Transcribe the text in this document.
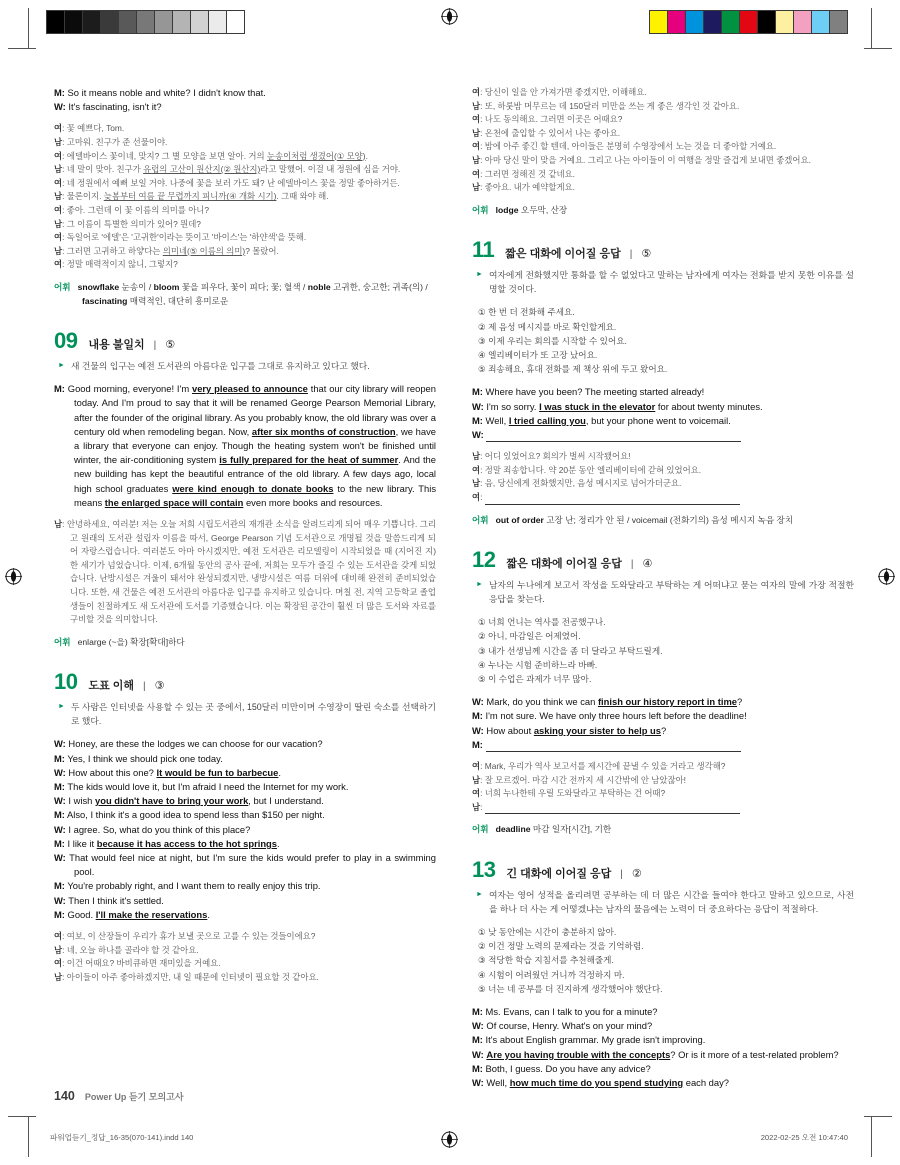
M: So it means noble and white? I didn't know that.
W: It's fascinating, isn't it?
여: 꽃 예쁘다, Tom.
남: 고마워. 친구가 준 선물이야.
여: 에델바이스 꽃이네, 맞지? 그 별 모양을 보면 알아. 거의 눈송이처럼 생겼어(① 모양).
남: 네 말이 맞아. 친구가 유럽의 고산이 원산지(② 원산지)라고 말했어. 이걸 내 정원에 심을 거야.
여: 네 정원에서 예뻐 보일 거야. 나중에 꽃을 보러 가도 돼? 난 에델바이스 꽃을 정말 좋아하거든.
남: 물론이지. 늦봄부터 여름 끝 무렵까지 피니까(④ 개화 시기). 그때 와야 해.
여: 좋아. 그런데 이 꽃 이름의 의미를 아니?
남: 그 이름이 특별한 의미가 있어? 뭔데?
여: 독일어로 '에델'은 '고귀한'이라는 뜻이고 '바이스'는 '하얀색'을 뜻해.
남: 그러면 고귀하고 하얗다는 의미네(⑤ 이름의 의미)? 몰랐어.
여: 정말 매력적이지 않니, 그렇지?
어휘 snowflake 눈송이 / bloom 꽃을 피우다, 꽃이 피다; 꽃; 혈색 / noble 고귀한, 숭고한; 귀족(의) / fascinating 매력적인, 대단히 흥미로운
09 내용 불일치 | ⑤
► 새 건물의 입구는 예전 도서관의 아름다운 입구를 그대로 유지하고 있다고 했다.
M: Good morning, everyone! I'm very pleased to announce that our city library will reopen today. And I'm proud to say that it will be renamed George Pearson Memorial Library, after the founder of the original library. As you probably know, the old library was over a century old when remodeling began. Now, after six months of construction, we have a library that everyone can enjoy. Though the heating system won't be finished until winter, the air-conditioning system is fully prepared for the heat of summer. And the new building has kept the beautiful entrance of the old library. A few days ago, local high school graduates were kind enough to donate books to the new library. This means the enlarged space will contain even more books and resources.
남: 안녕하세요, 여러분! 저는 오늘 저희 시립도서관의 재개관 소식을 알려드리게 되어 매우 기쁩니다. 그리고 원래의 도서관 설립자 이름을 따서, George Pearson 기념 도서관으로 개명될 것을 말씀드리게 되어 자랑스럽습니다. 여러분도 아마 아시겠지만, 예전 도서관은 리모델링이 시작되었을 때 (지어진 지) 한 세기가 넘었습니다. 이제, 6개월 동안의 공사 끝에, 저희는 모두가 즐길 수 있는 도서관을 갖게 되었습니다. 난방시설은 겨울이 돼서야 완성되겠지만, 냉방시설은 여름 더위에 대비해 완전히 준비되었습니다. 또한, 새 건물은 예전 도서관의 아름다운 입구를 유지하고 있습니다. 며칠 전, 지역 고등학교 졸업생들이 친절하게도 새 도서관에 도서를 기증했습니다. 이는 확장된 공간이 훨씬 더 많은 도서와 자료를 구비할 것을 의미합니다.
어휘 enlarge (~을) 확장[확대]하다
10 도표 이해 | ③
► 두 사람은 인터넷을 사용할 수 있는 곳 중에서, 150달러 미만이며 수영장이 딸린 숙소를 선택하기로 했다.
W: Honey, are these the lodges we can choose for our vacation?
M: Yes, I think we should pick one today.
W: How about this one? It would be fun to barbecue.
M: The kids would love it, but I'm afraid I need the Internet for my work.
W: I wish you didn't have to bring your work, but I understand.
M: Also, I think it's a good idea to spend less than $150 per night.
W: I agree. So, what do you think of this place?
M: I like it because it has access to the hot springs.
W: That would feel nice at night, but I'm sure the kids would prefer to play in a swimming pool.
M: You're probably right, and I want them to really enjoy this trip.
W: Then I think it's settled.
M: Good. I'll make the reservations.
여: 여보, 이 산장들이 우리가 휴가 보낼 곳으로 고를 수 있는 것들이에요?
남: 네, 오늘 하나를 골라야 할 것 같아요.
여: 이건 어때요? 바비큐하면 재미있을 거예요.
남: 아이들이 아주 좋아하겠지만, 내 일 때문에 인터넷이 필요할 것 같아요.
여: 당신이 일을 안 가져가면 좋겠지만, 이해해요.
남: 또, 하룻밤 머무르는 데 150달러 미만을 쓰는 게 좋은 생각인 것 같아요.
여: 나도 동의해요. 그러면 이곳은 어때요?
남: 온천에 출입할 수 있어서 나는 좋아요.
여: 밤에 아주 좋긴 할 텐데, 아이들은 분명히 수영장에서 노는 것을 더 좋아할 거예요.
남: 아마 당신 말이 맞을 거예요. 그리고 나는 아이들이 이 여행을 정말 즐겁게 보내면 좋겠어요.
여: 그러면 정해진 것 같네요.
남: 좋아요. 내가 예약할게요.
어휘 lodge 오두막, 산장
11 짧은 대화에 이어질 응답 | ⑤
► 여자에게 전화했지만 통화를 할 수 없었다고 말하는 남자에게 여자는 전화를 받지 못한 이유를 설명할 것이다.
① 한 번 더 전화해 주세요.
② 제 음성 메시지를 바로 확인할게요.
③ 이제 우리는 회의를 시작할 수 있어요.
④ 엘리베이터가 또 고장 났어요.
⑤ 죄송해요, 휴대 전화를 제 책상 위에 두고 왔어요.
M: Where have you been? The meeting started already!
W: I'm so sorry. I was stuck in the elevator for about twenty minutes.
M: Well, I tried calling you, but your phone went to voicemail.
W:
남: 어디 있었어요? 회의가 벌써 시작됐어요!
여: 정말 죄송합니다. 약 20분 동안 엘리베이터에 갇혀 있었어요.
남: 음, 당신에게 전화했지만, 음성 메시지로 넘어가더군요.
여:
어휘 out of order 고장 난; 정리가 안 된 / voicemail (전화기의) 음성 메시지 녹음 장치
12 짧은 대화에 이어질 응답 | ④
► 남자의 누나에게 보고서 작성을 도와달라고 부탁하는 게 어떠냐고 묻는 여자의 말에 가장 적절한 응답을 찾는다.
① 너희 언니는 역사를 전공했구나.
② 아니, 마감일은 어제였어.
③ 내가 선생님께 시간을 좀 더 달라고 부탁드릴게.
④ 누나는 시험 준비하느라 바빠.
⑤ 이 수업은 과제가 너무 많아.
W: Mark, do you think we can finish our history report in time?
M: I'm not sure. We have only three hours left before the deadline!
W: How about asking your sister to help us?
M:
여: Mark, 우리가 역사 보고서를 제시간에 끝낼 수 있을 거라고 생각해?
남: 잘 모르겠어. 마감 시간 전까지 세 시간밖에 안 남았잖아!
여: 너희 누나한테 우릴 도와달라고 부탁하는 건 어때?
남:
어휘 deadline 마감 일자[시간], 기한
13 긴 대화에 이어질 응답 | ②
► 여자는 영어 성적을 올리려면 공부하는 데 더 많은 시간을 들여야 한다고 말하고 있으므로, 사전을 하나 더 사는 게 어떻겠냐는 남자의 물음에는 노력이 더 중요하다는 응답이 적절하다.
① 낮 동안에는 시간이 충분하지 않아.
② 이건 정말 노력의 문제라는 것을 기억하렴.
③ 적당한 학습 지침서를 추천해줄게.
④ 시험이 어려웠던 거니까 걱정하지 마.
⑤ 너는 네 공부를 더 진지하게 생각했어야 했단다.
M: Ms. Evans, can I talk to you for a minute?
W: Of course, Henry. What's on your mind?
M: It's about English grammar. My grade isn't improving.
W: Are you having trouble with the concepts? Or is it more of a test-related problem?
M: Both, I guess. Do you have any advice?
W: Well, how much time do you spend studying each day?
140 Power Up 듣기 모의고사
파워업듣기_정답_16-35(070-141).indd 140	2022-02-25 오전 10:47:40
